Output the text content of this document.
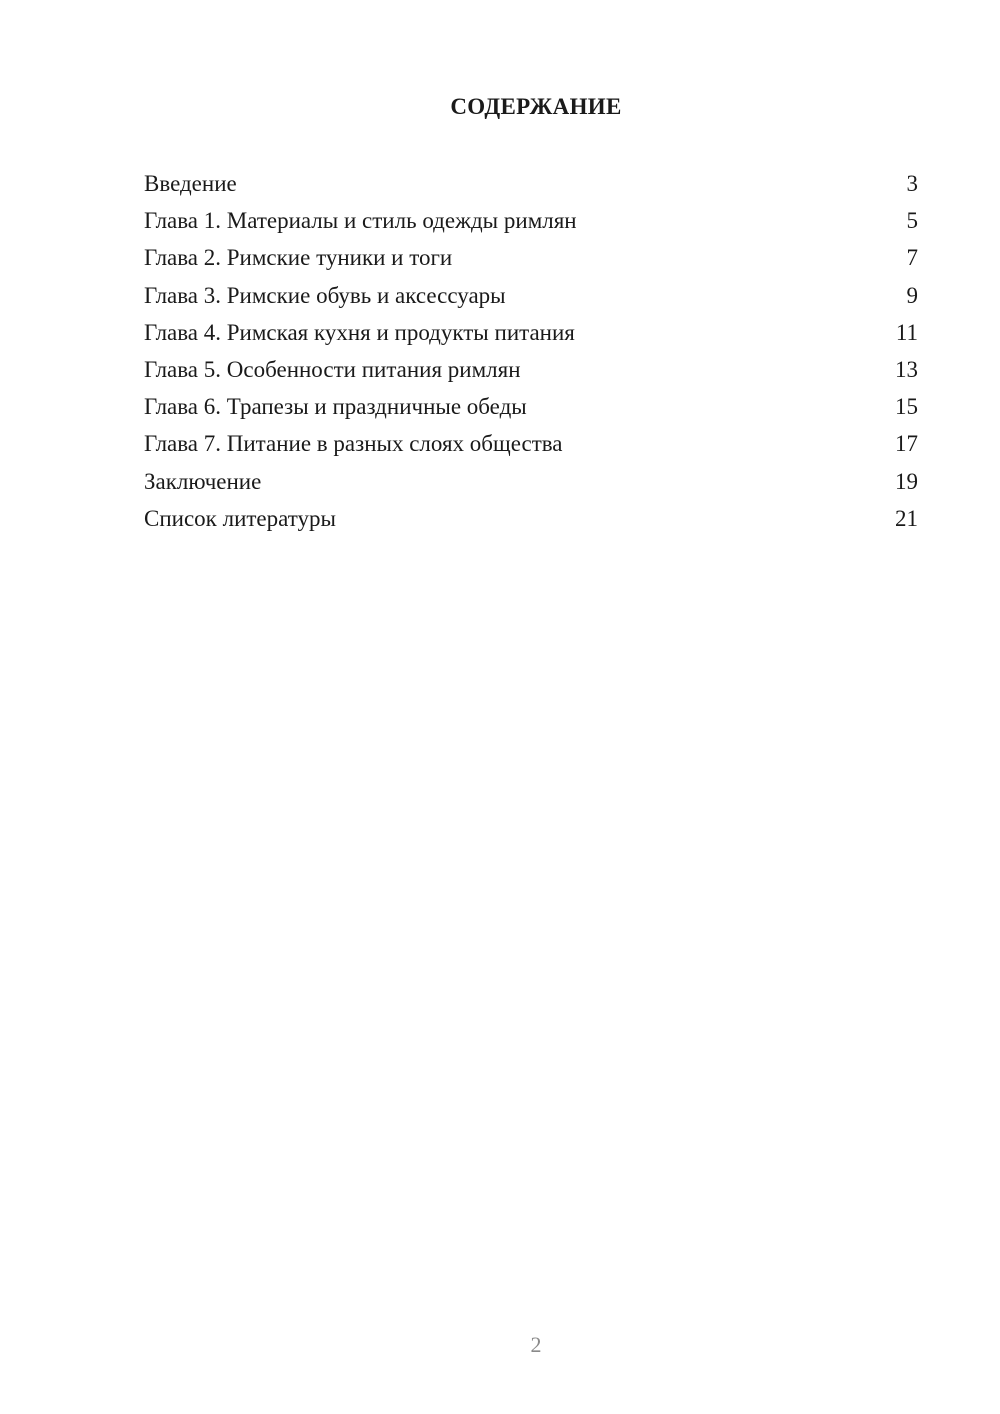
СОДЕРЖАНИЕ
Введение	3
Глава 1. Материалы и стиль одежды римлян	5
Глава 2. Римские туники и тоги	7
Глава 3. Римские обувь и аксессуары	9
Глава 4. Римская кухня и продукты питания	11
Глава 5. Особенности питания римлян	13
Глава 6. Трапезы и праздничные обеды	15
Глава 7. Питание в разных слоях общества	17
Заключение	19
Список литературы	21

2
